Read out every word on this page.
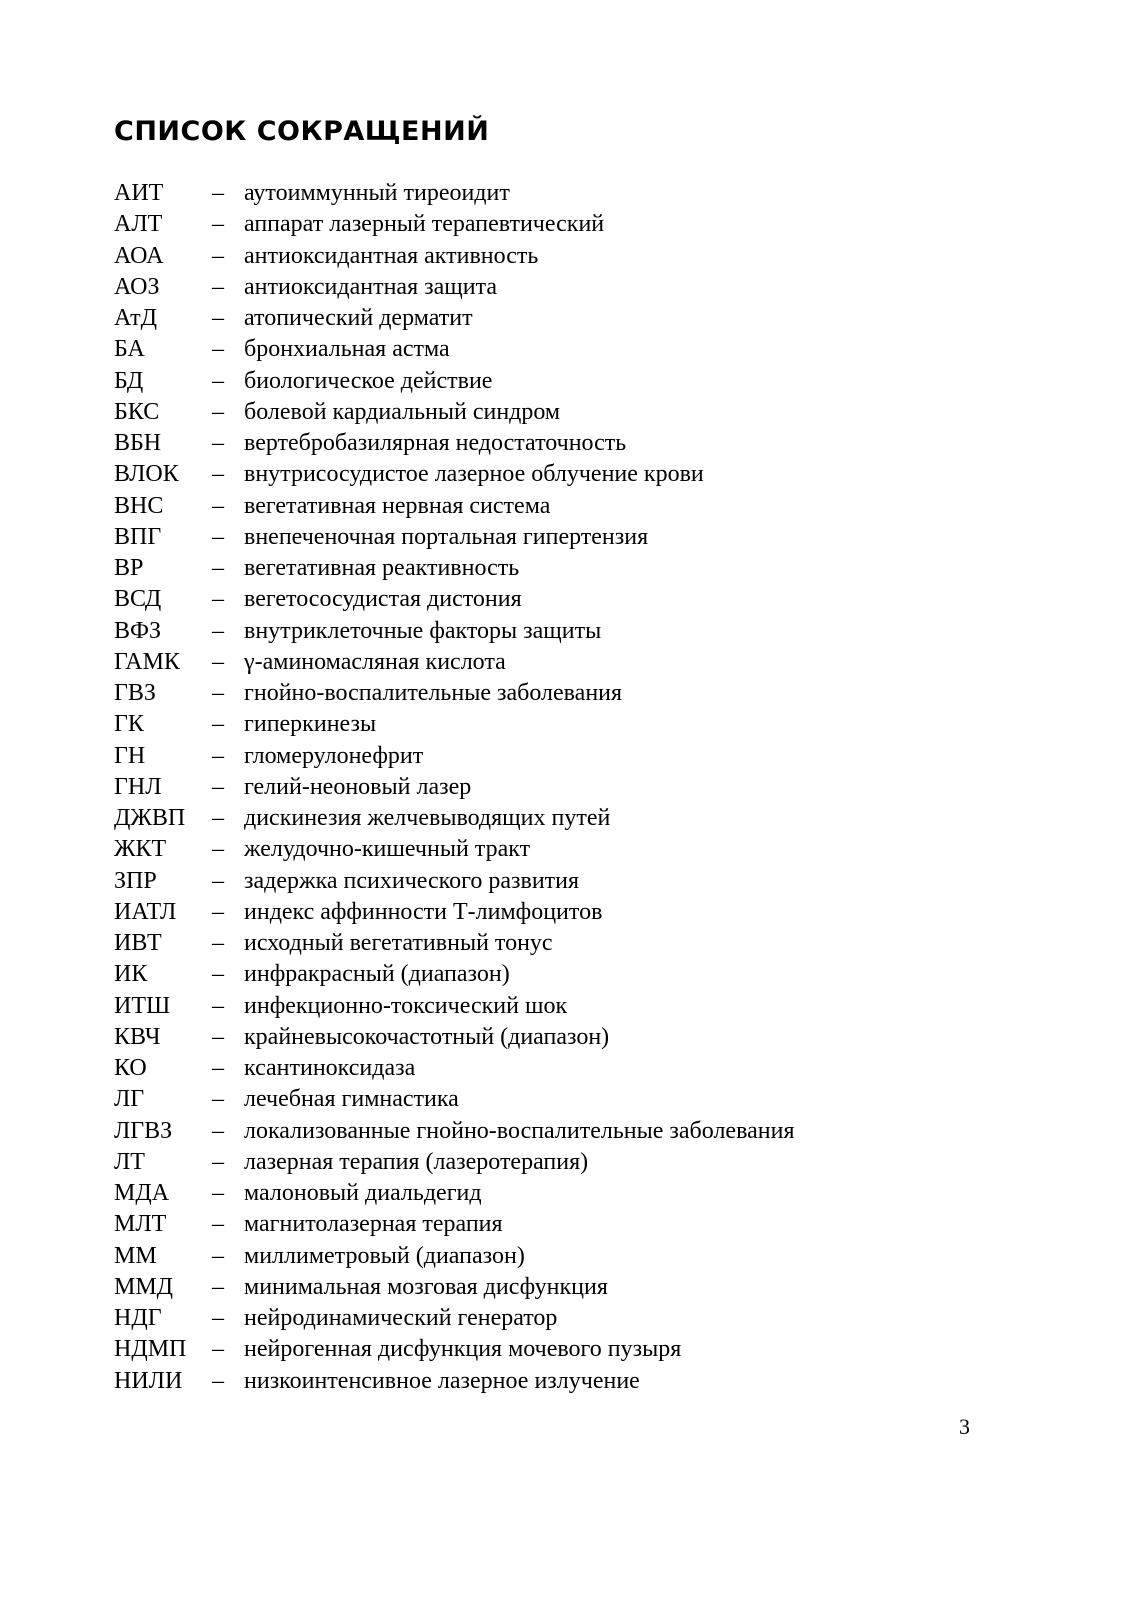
СПИСОК СОКРАЩЕНИЙ
АИТ – аутоиммунный тиреоидит
АЛТ – аппарат лазерный терапевтический
АОА – антиоксидантная активность
АОЗ – антиоксидантная защита
АтД – атопический дерматит
БА	– бронхиальная астма
БД	– биологическое действие
БКС – болевой кардиальный синдром
ВБН – вертебробазилярная недостаточность
ВЛОК – внутрисосудистое лазерное облучение крови
ВНС – вегетативная нервная система
ВПГ – внепеченочная портальная гипертензия
ВР	– вегетативная реактивность
ВСД – вегетососудистая дистония
ВФЗ – внутриклеточные факторы защиты
ГАМК – γ-аминомасляная кислота
ГВЗ – гнойно-воспалительные заболевания
ГК	– гиперкинезы
ГН	– гломерулонефрит
ГНЛ – гелий-неоновый лазер
ДЖВП – дискинезия желчевыводящих путей
ЖКТ – желудочно-кишечный тракт
ЗПР – задержка психического развития
ИАТЛ – индекс аффинности Т-лимфоцитов
ИВТ – исходный вегетативный тонус
ИК	– инфракрасный (диапазон)
ИТШ – инфекционно-токсический шок
КВЧ – крайневысокочастотный (диапазон)
КО	– ксантиноксидаза
ЛГ	– лечебная гимнастика
ЛГВЗ – локализованные гнойно-воспалительные заболевания
ЛТ	– лазерная терапия (лазеротерапия)
МДА – малоновый диальдегид
МЛТ – магнитолазерная терапия
ММ – миллиметровый (диапазон)
ММД – минимальная мозговая дисфункция
НДГ – нейродинамический генератор
НДМП – нейрогенная дисфункция мочевого пузыря
НИЛИ – низкоинтенсивное лазерное излучение
3
